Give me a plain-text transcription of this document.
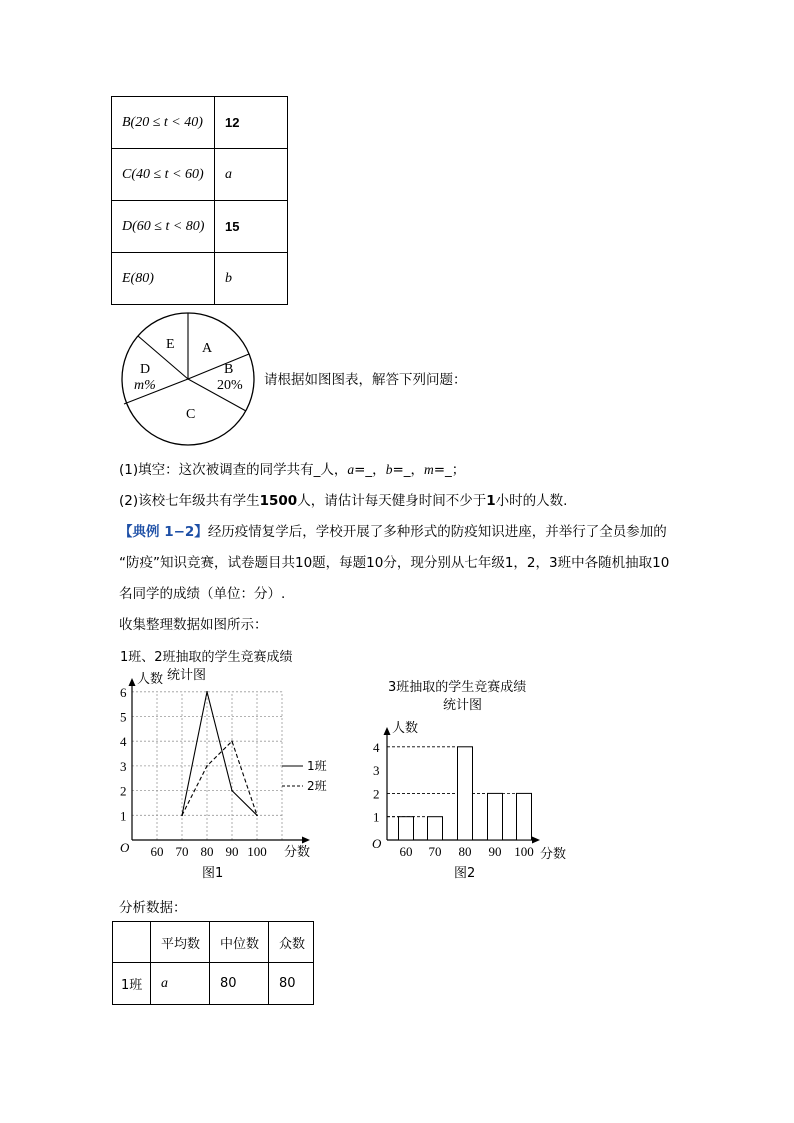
B(20 ≤ t < 40)	12
C(40 ≤ t < 60)	a
D(60 ≤ t < 80)	15
E(80)	b
E A
B
20%
D
m%
C
请根据如图图表，解答下列问题：
(1)填空：这次被调查的同学共有_人，a=_，b=_，m=_；
(2)该校七年级共有学生1500人，请估计每天健身时间不少于1小时的人数.
【典例 1−2】经历疫情复学后，学校开展了多种形式的防疫知识进座，并举行了全员参加的
“防疫”知识竞赛，试卷题目共10题，每题10分，现分别从七年级1，2，3班中各随机抽取10
名同学的成绩（单位：分）.
收集整理数据如图所示：
1班、2班抽取的学生竞赛成绩
统计图
人数
1
2
3
4
5
6
60 70 80 90 100
O	分数
1班
2班
图1
3班抽取的学生竞赛成绩
统计图
人数
1
2
3
4
60 70 80 90 100
O
分数
图2
分析数据：
	平均数	中位数	众数
1班	a	80	80
